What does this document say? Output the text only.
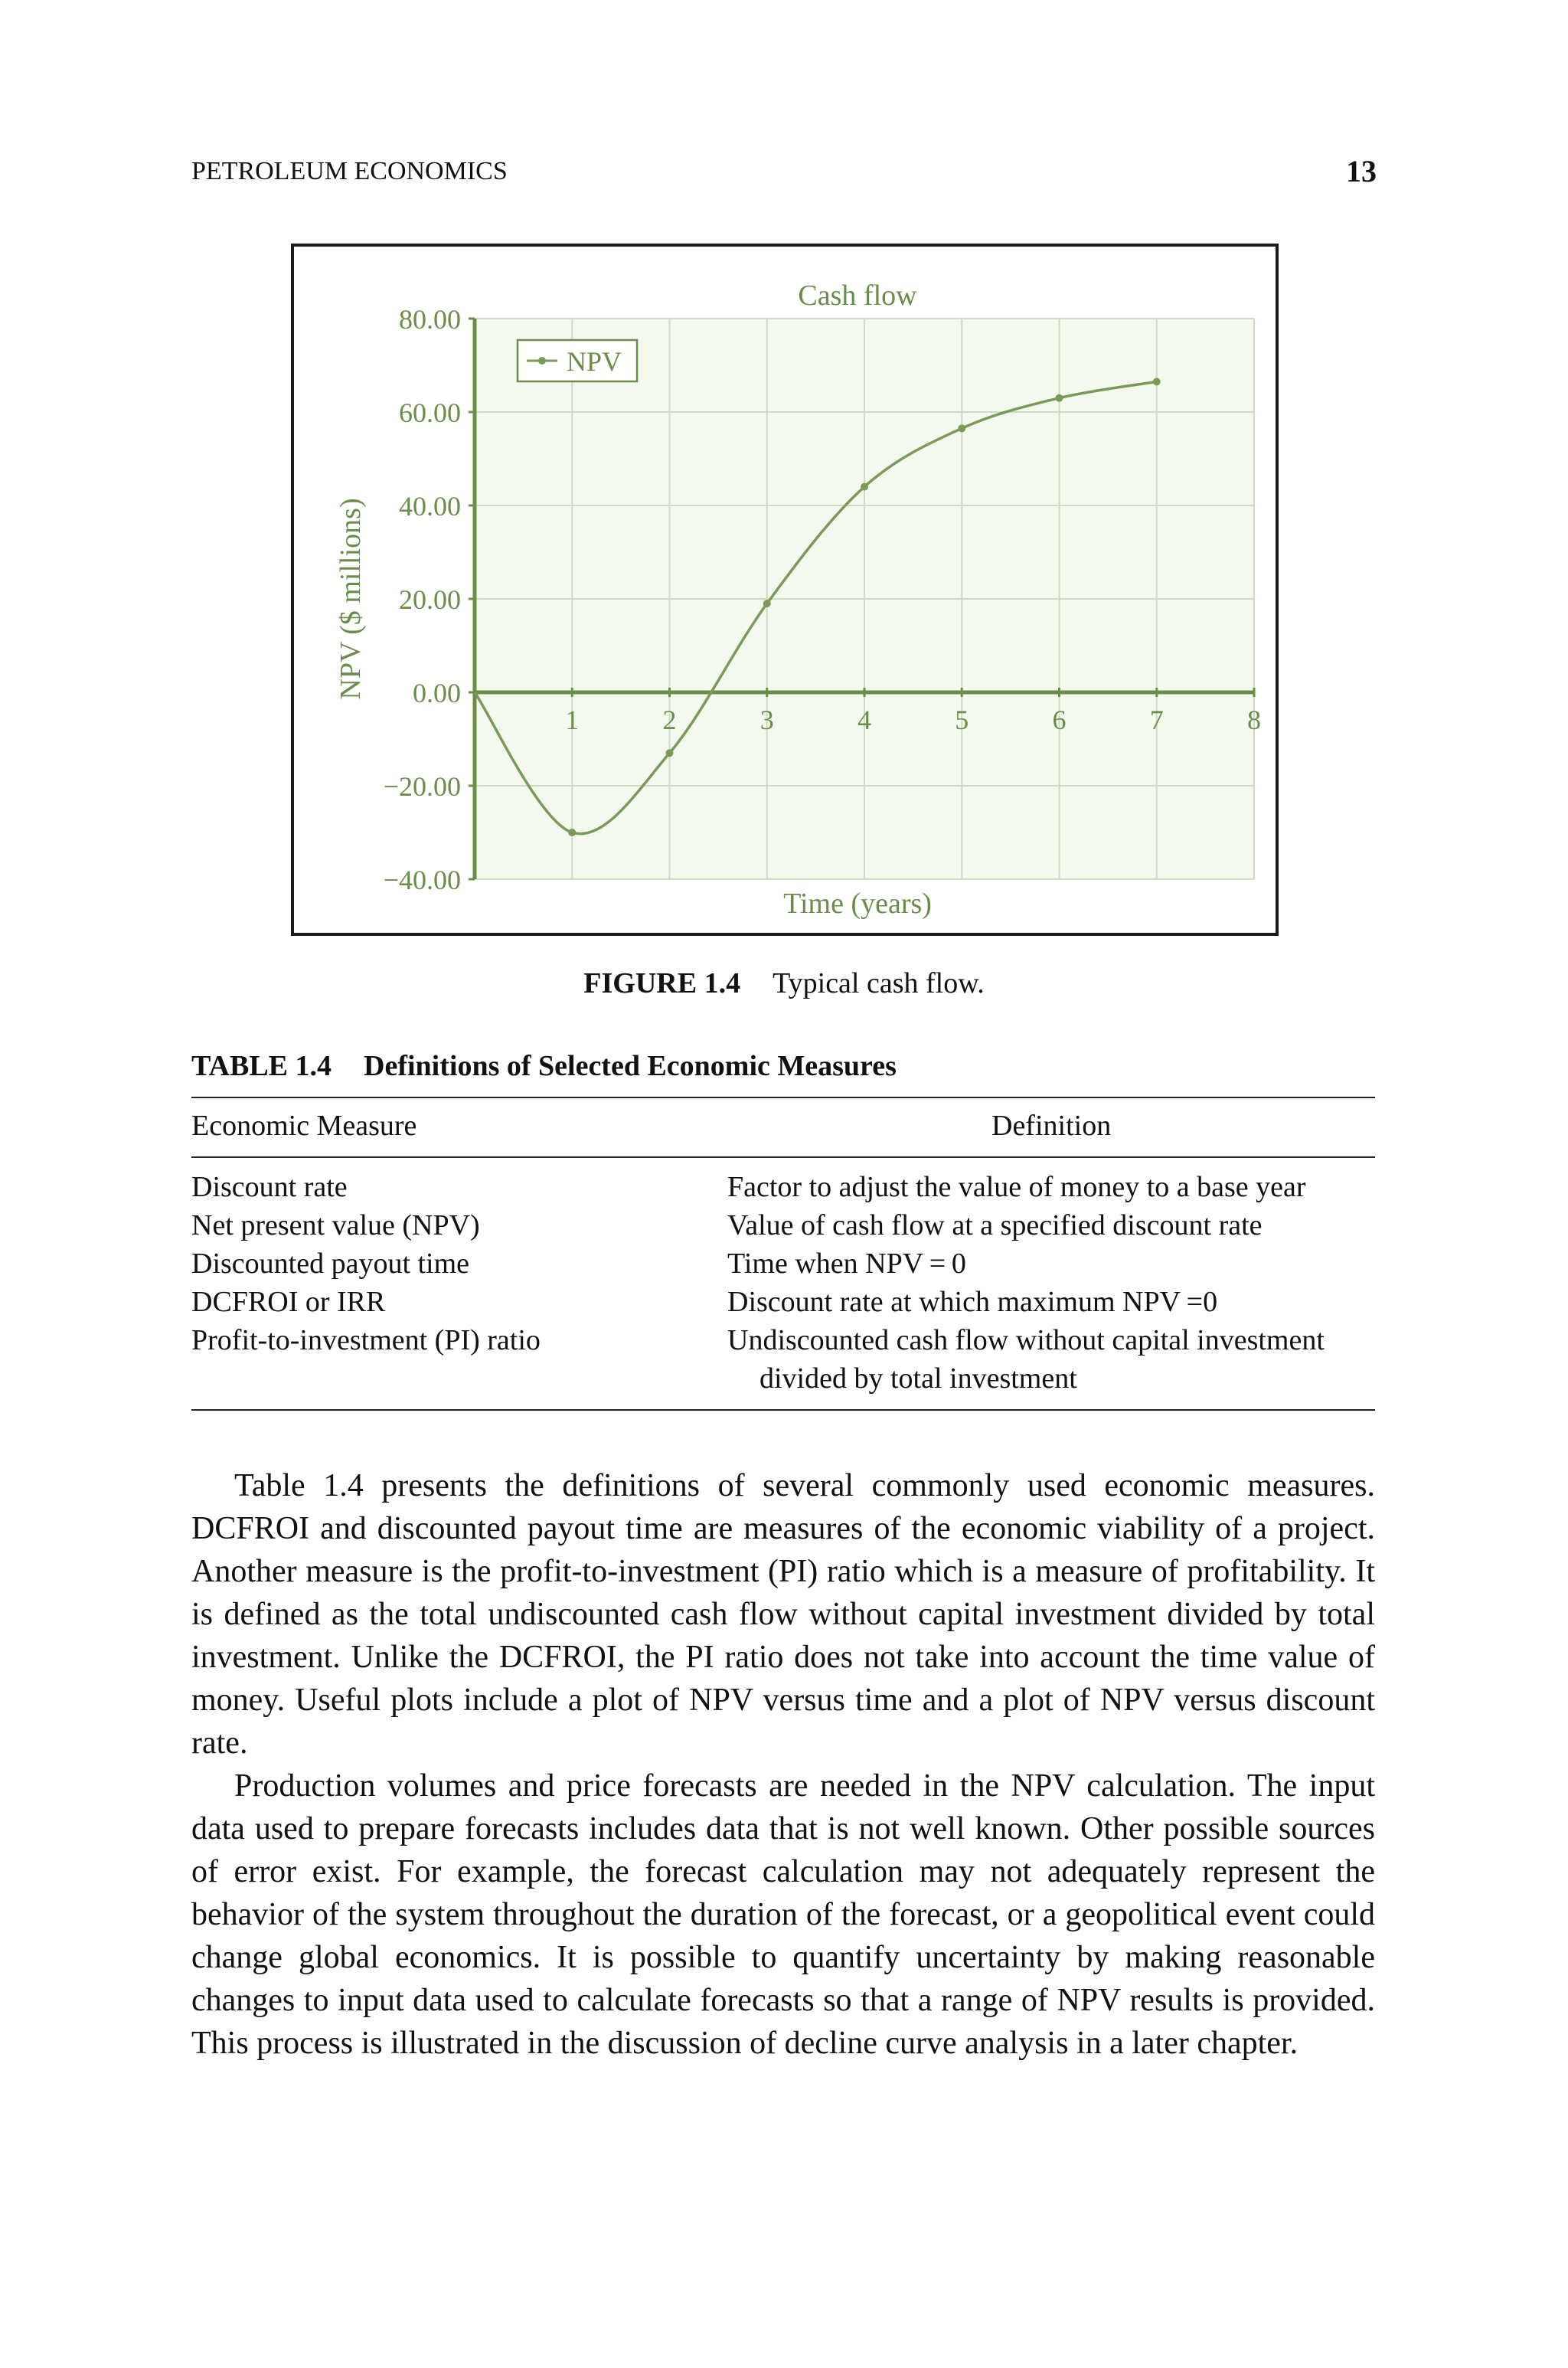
PETROLEUM ECONOMICS	13
80.00
60.00
40.00
20.00
0.00
−20.00
−40.00
1	2	3	4	5	6	7	8
Cash flow
Time (years)
NPV ($ millions)
NPV
FIGURE 1.4 Typical cash flow.
TABLE 1.4 Definitions of Selected Economic Measures
Economic Measure	Definition
Discount rate	Factor to adjust the value of money to a base year
Net present value (NPV)	Value of cash flow at a specified discount rate
Discounted payout time	Time when NPV = 0
DCFROI or IRR	Discount rate at which maximum NPV =0
Profit-to-investment (PI) ratio	Undiscounted cash flow without capital investment
divided by total investment

Table 1.4 presents the definitions of several commonly used economic measures. DCFROI and discounted payout time are measures of the economic viability of a project. Another measure is the profit-to-investment (PI) ratio which is a measure of profitability. It is defined as the total undiscounted cash flow without capital investment divided by total investment. Unlike the DCFROI, the PI ratio does not take into account the time value of money. Useful plots include a plot of NPV versus time and a plot of NPV versus discount rate.

Production volumes and price forecasts are needed in the NPV calculation. The input data used to prepare forecasts includes data that is not well known. Other possible sources of error exist. For example, the forecast calculation may not adequately represent the behavior of the system throughout the duration of the forecast, or a geopolitical event could change global economics. It is possible to quantify uncertainty by making reasonable changes to input data used to calculate forecasts so that a range of NPV results is provided. This process is illustrated in the discussion of decline curve analysis in a later chapter.
